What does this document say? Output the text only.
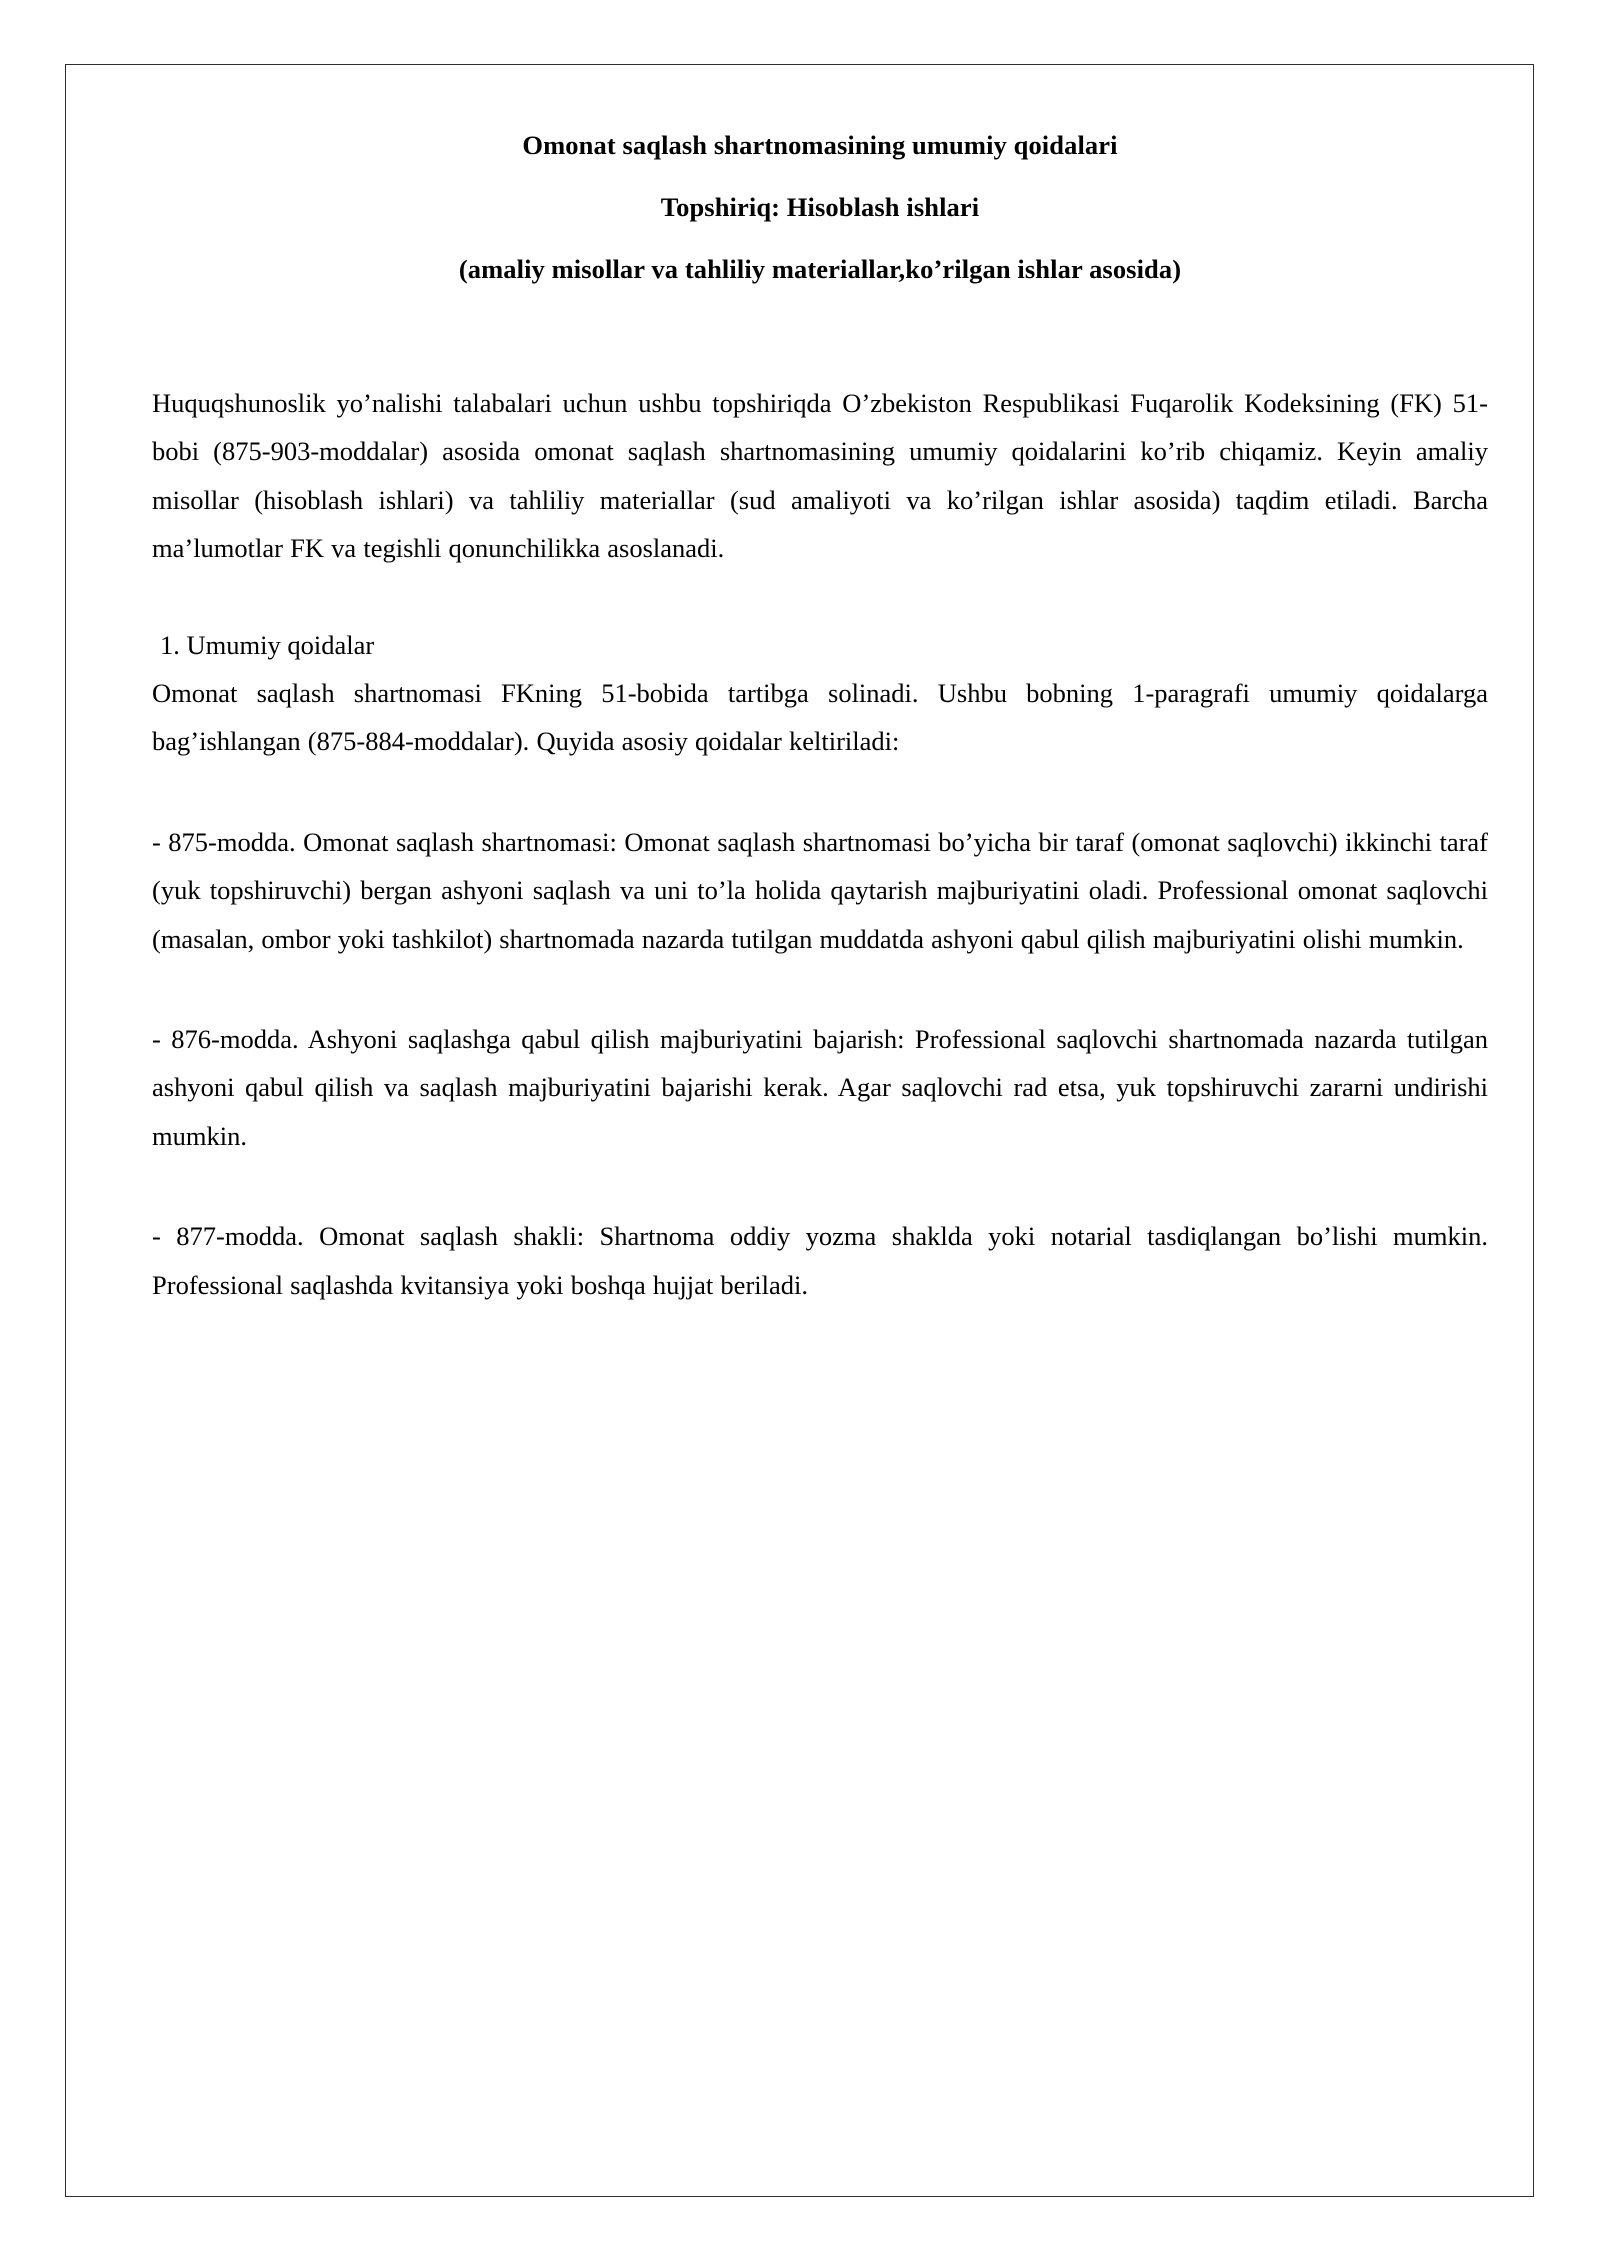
Omonat saqlash shartnomasining umumiy qoidalari
Topshiriq: Hisoblash ishlari
(amaliy misollar va tahliliy materiallar,ko’rilgan ishlar asosida)

Huquqshunoslik yo’nalishi talabalari uchun ushbu topshiriqda O’zbekiston Respublikasi Fuqarolik Kodeksining (FK) 51-bobi (875-903-moddalar) asosida omonat saqlash shartnomasining umumiy qoidalarini ko’rib chiqamiz. Keyin amaliy misollar (hisoblash ishlari) va tahliliy materiallar (sud amaliyoti va ko’rilgan ishlar asosida) taqdim etiladi. Barcha ma’lumotlar FK va tegishli qonunchilikka asoslanadi.

1. Umumiy qoidalar

Omonat saqlash shartnomasi FKning 51-bobida tartibga solinadi. Ushbu bobning 1-paragrafi umumiy qoidalarga bag’ishlangan (875-884-moddalar). Quyida asosiy qoidalar keltiriladi:

- 875-modda. Omonat saqlash shartnomasi: Omonat saqlash shartnomasi bo’yicha bir taraf (omonat saqlovchi) ikkinchi taraf (yuk topshiruvchi) bergan ashyoni saqlash va uni to’la holida qaytarish majburiyatini oladi. Professional omonat saqlovchi (masalan, ombor yoki tashkilot) shartnomada nazarda tutilgan muddatda ashyoni qabul qilish majburiyatini olishi mumkin.

- 876-modda. Ashyoni saqlashga qabul qilish majburiyatini bajarish: Professional saqlovchi shartnomada nazarda tutilgan ashyoni qabul qilish va saqlash majburiyatini bajarishi kerak. Agar saqlovchi rad etsa, yuk topshiruvchi zararni undirishi mumkin.

- 877-modda. Omonat saqlash shakli: Shartnoma oddiy yozma shaklda yoki notarial tasdiqlangan bo’lishi mumkin. Professional saqlashda kvitansiya yoki boshqa hujjat beriladi.
